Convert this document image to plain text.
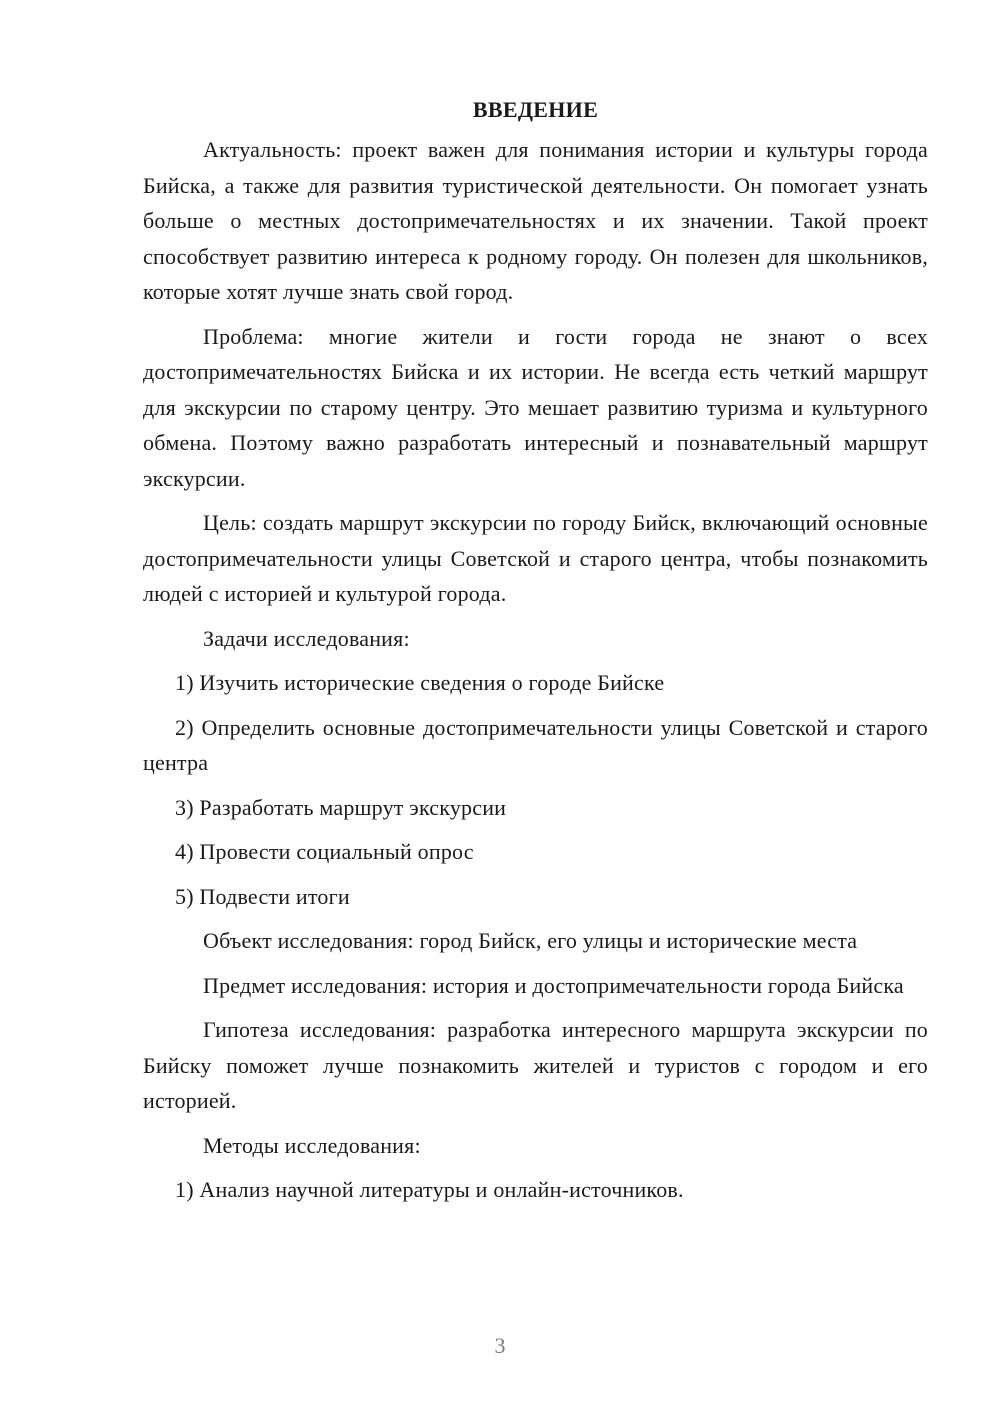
ВВЕДЕНИЕ

Актуальность: проект важен для понимания истории и культуры города Бийска, а также для развития туристической деятельности. Он помогает узнать больше о местных достопримечательностях и их значении. Такой проект способствует развитию интереса к родному городу. Он полезен для школьников, которые хотят лучше знать свой город.

Проблема: многие жители и гости города не знают о всех достопримечательностях Бийска и их истории. Не всегда есть четкий маршрут для экскурсии по старому центру. Это мешает развитию туризма и культурного обмена. Поэтому важно разработать интересный и познавательный маршрут экскурсии.

Цель: создать маршрут экскурсии по городу Бийск, включающий основные достопримечательности улицы Советской и старого центра, чтобы познакомить людей с историей и культурой города.

Задачи исследования:

1) Изучить исторические сведения о городе Бийске

2) Определить основные достопримечательности улицы Советской и старого центра

3) Разработать маршрут экскурсии

4) Провести социальный опрос

5) Подвести итоги

Объект исследования: город Бийск, его улицы и исторические места

Предмет исследования: история и достопримечательности города Бийска

Гипотеза исследования: разработка интересного маршрута экскурсии по Бийску поможет лучше познакомить жителей и туристов с городом и его историей.

Методы исследования:

1) Анализ научной литературы и онлайн-источников.

3
